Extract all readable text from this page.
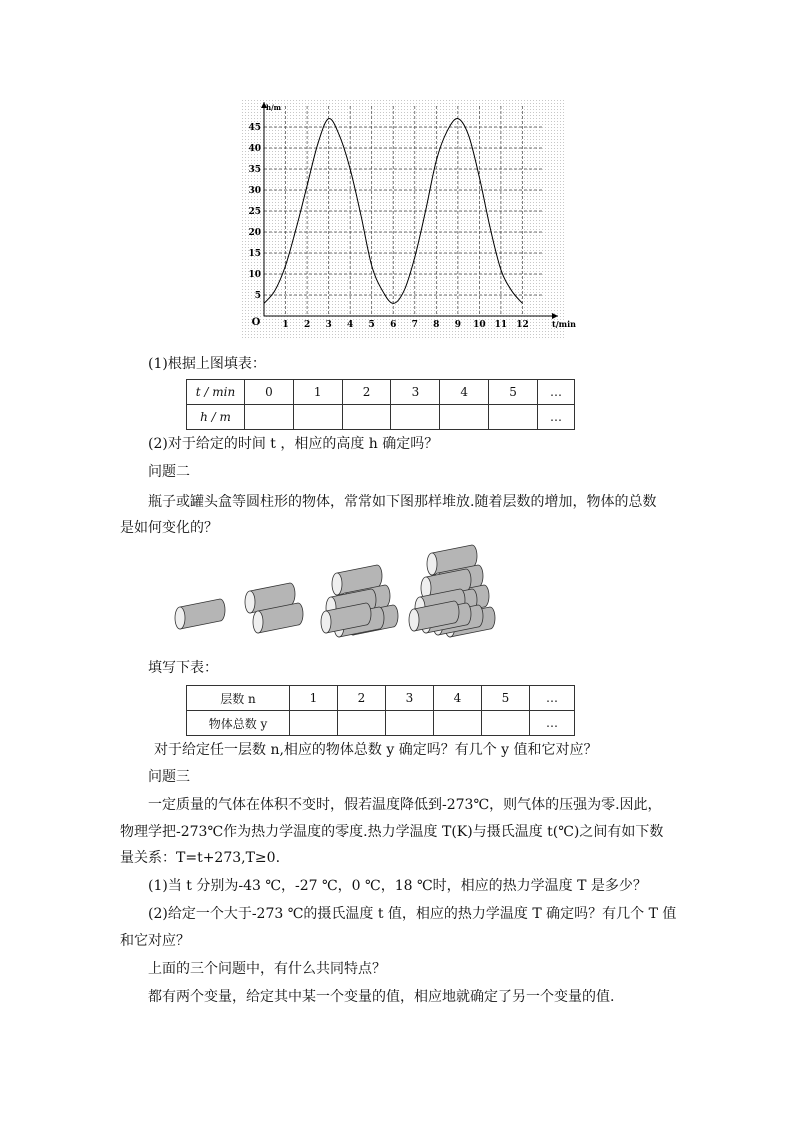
1 2 3 4 5 6 7 8 9 10 11 12
5
10
15
20
25
30
35
40
45
O	t/min
h/m
(1)根据上图填表：
t / min	0	1	2	3	4	5	…
h / m							…
(2)对于给定的时间 t ，相应的高度 h 确定吗？
问题二
瓶子或罐头盒等圆柱形的物体，常常如下图那样堆放.随着层数的增加，物体的总数
是如何变化的？
填写下表：
层数 n	1	2	3	4	5	…
物体总数 y						…
对于给定任一层数 n,相应的物体总数 y 确定吗？有几个 y 值和它对应？
问题三
一定质量的气体在体积不变时，假若温度降低到-273℃，则气体的压强为零.因此，
物理学把-273℃作为热力学温度的零度.热力学温度 T(K)与摄氏温度 t(℃)之间有如下数
量关系：T=t+273,T≥0.
(1)当 t 分别为-43 ℃，-27 ℃，0 ℃，18 ℃时，相应的热力学温度 T 是多少？
(2)给定一个大于-273 ℃的摄氏温度 t 值，相应的热力学温度 T 确定吗？有几个 T 值
和它对应？
上面的三个问题中，有什么共同特点？
都有两个变量，给定其中某一个变量的值，相应地就确定了另一个变量的值.
